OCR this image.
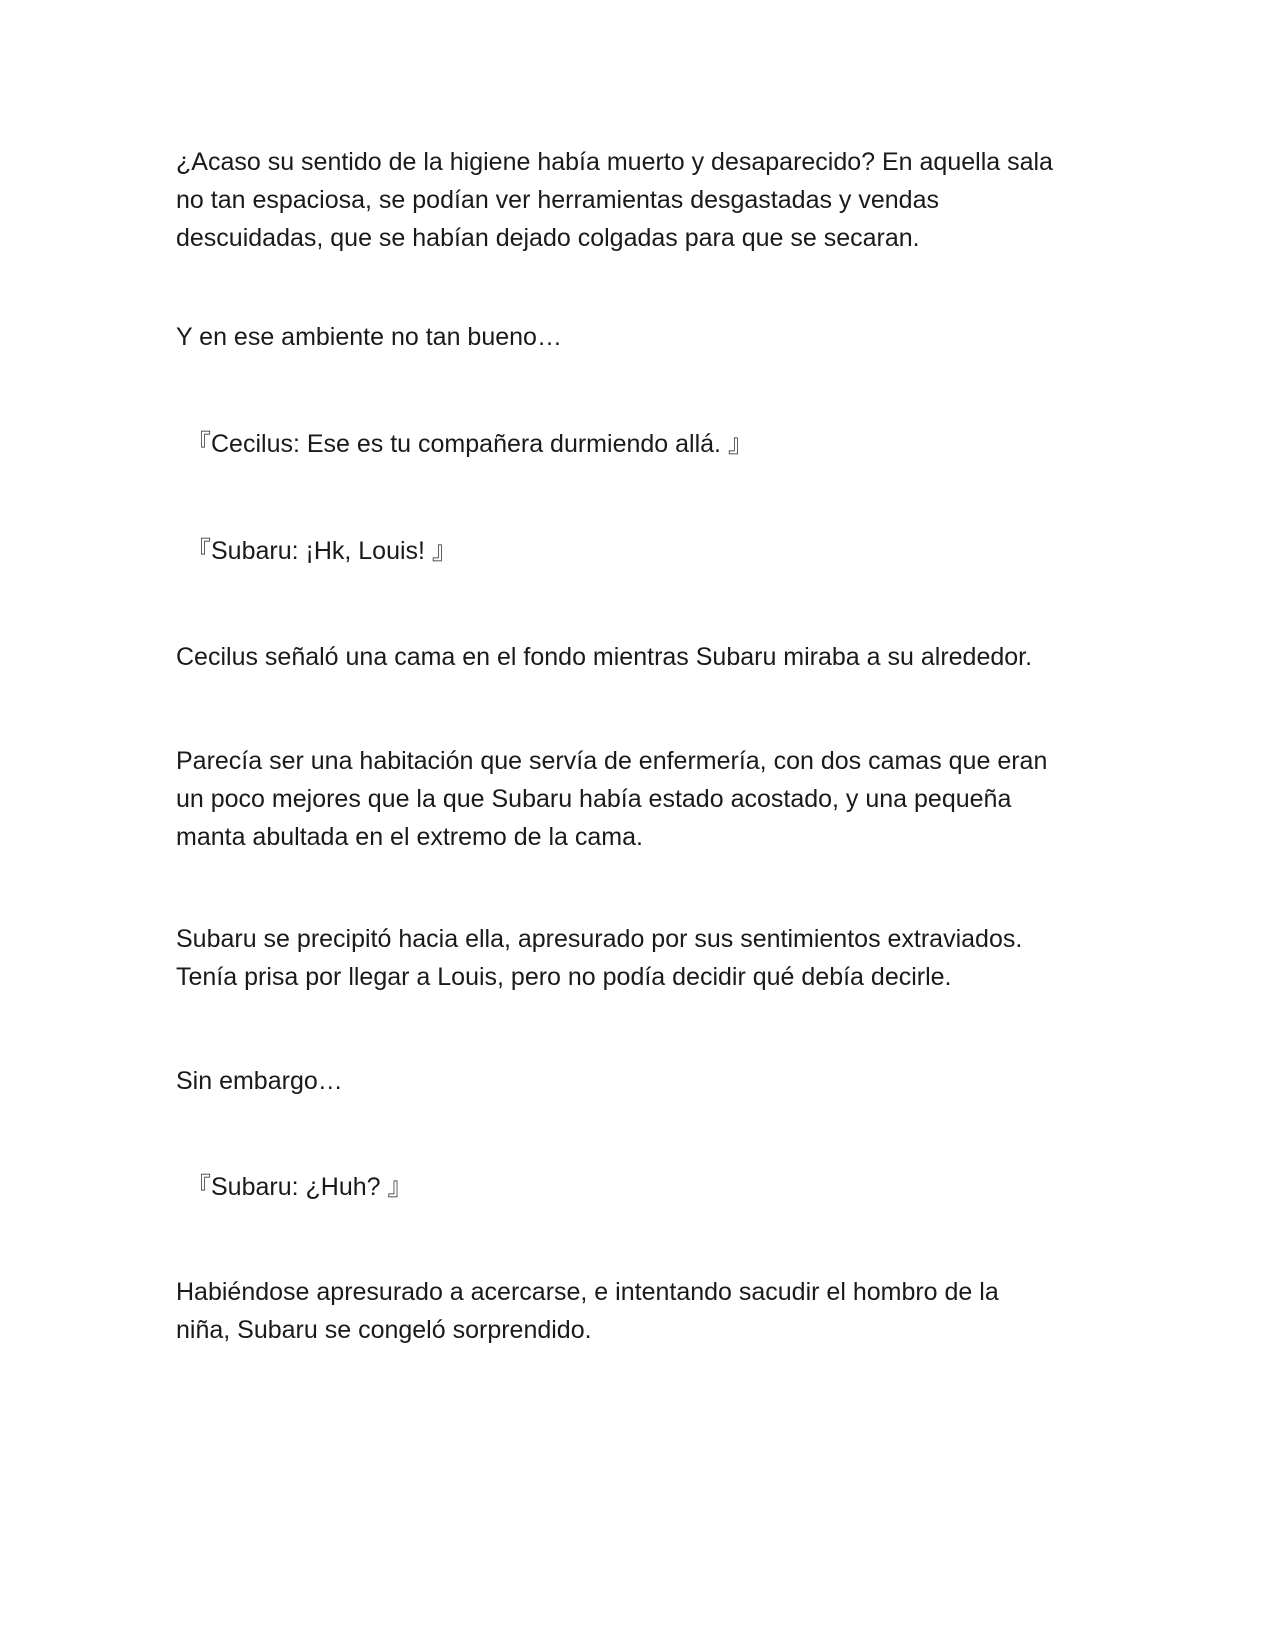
¿Acaso su sentido de la higiene había muerto y desaparecido? En aquella sala
no tan espaciosa, se podían ver herramientas desgastadas y vendas
descuidadas, que se habían dejado colgadas para que se secaran.

Y en ese ambiente no tan bueno…

『Cecilus: Ese es tu compañera durmiendo allá. 』

『Subaru: ¡Hk, Louis! 』

Cecilus señaló una cama en el fondo mientras Subaru miraba a su alrededor.

Parecía ser una habitación que servía de enfermería, con dos camas que eran
un poco mejores que la que Subaru había estado acostado, y una pequeña
manta abultada en el extremo de la cama.

Subaru se precipitó hacia ella, apresurado por sus sentimientos extraviados.
Tenía prisa por llegar a Louis, pero no podía decidir qué debía decirle.

Sin embargo…

『Subaru: ¿Huh? 』

Habiéndose apresurado a acercarse, e intentando sacudir el hombro de la
niña, Subaru se congeló sorprendido.
